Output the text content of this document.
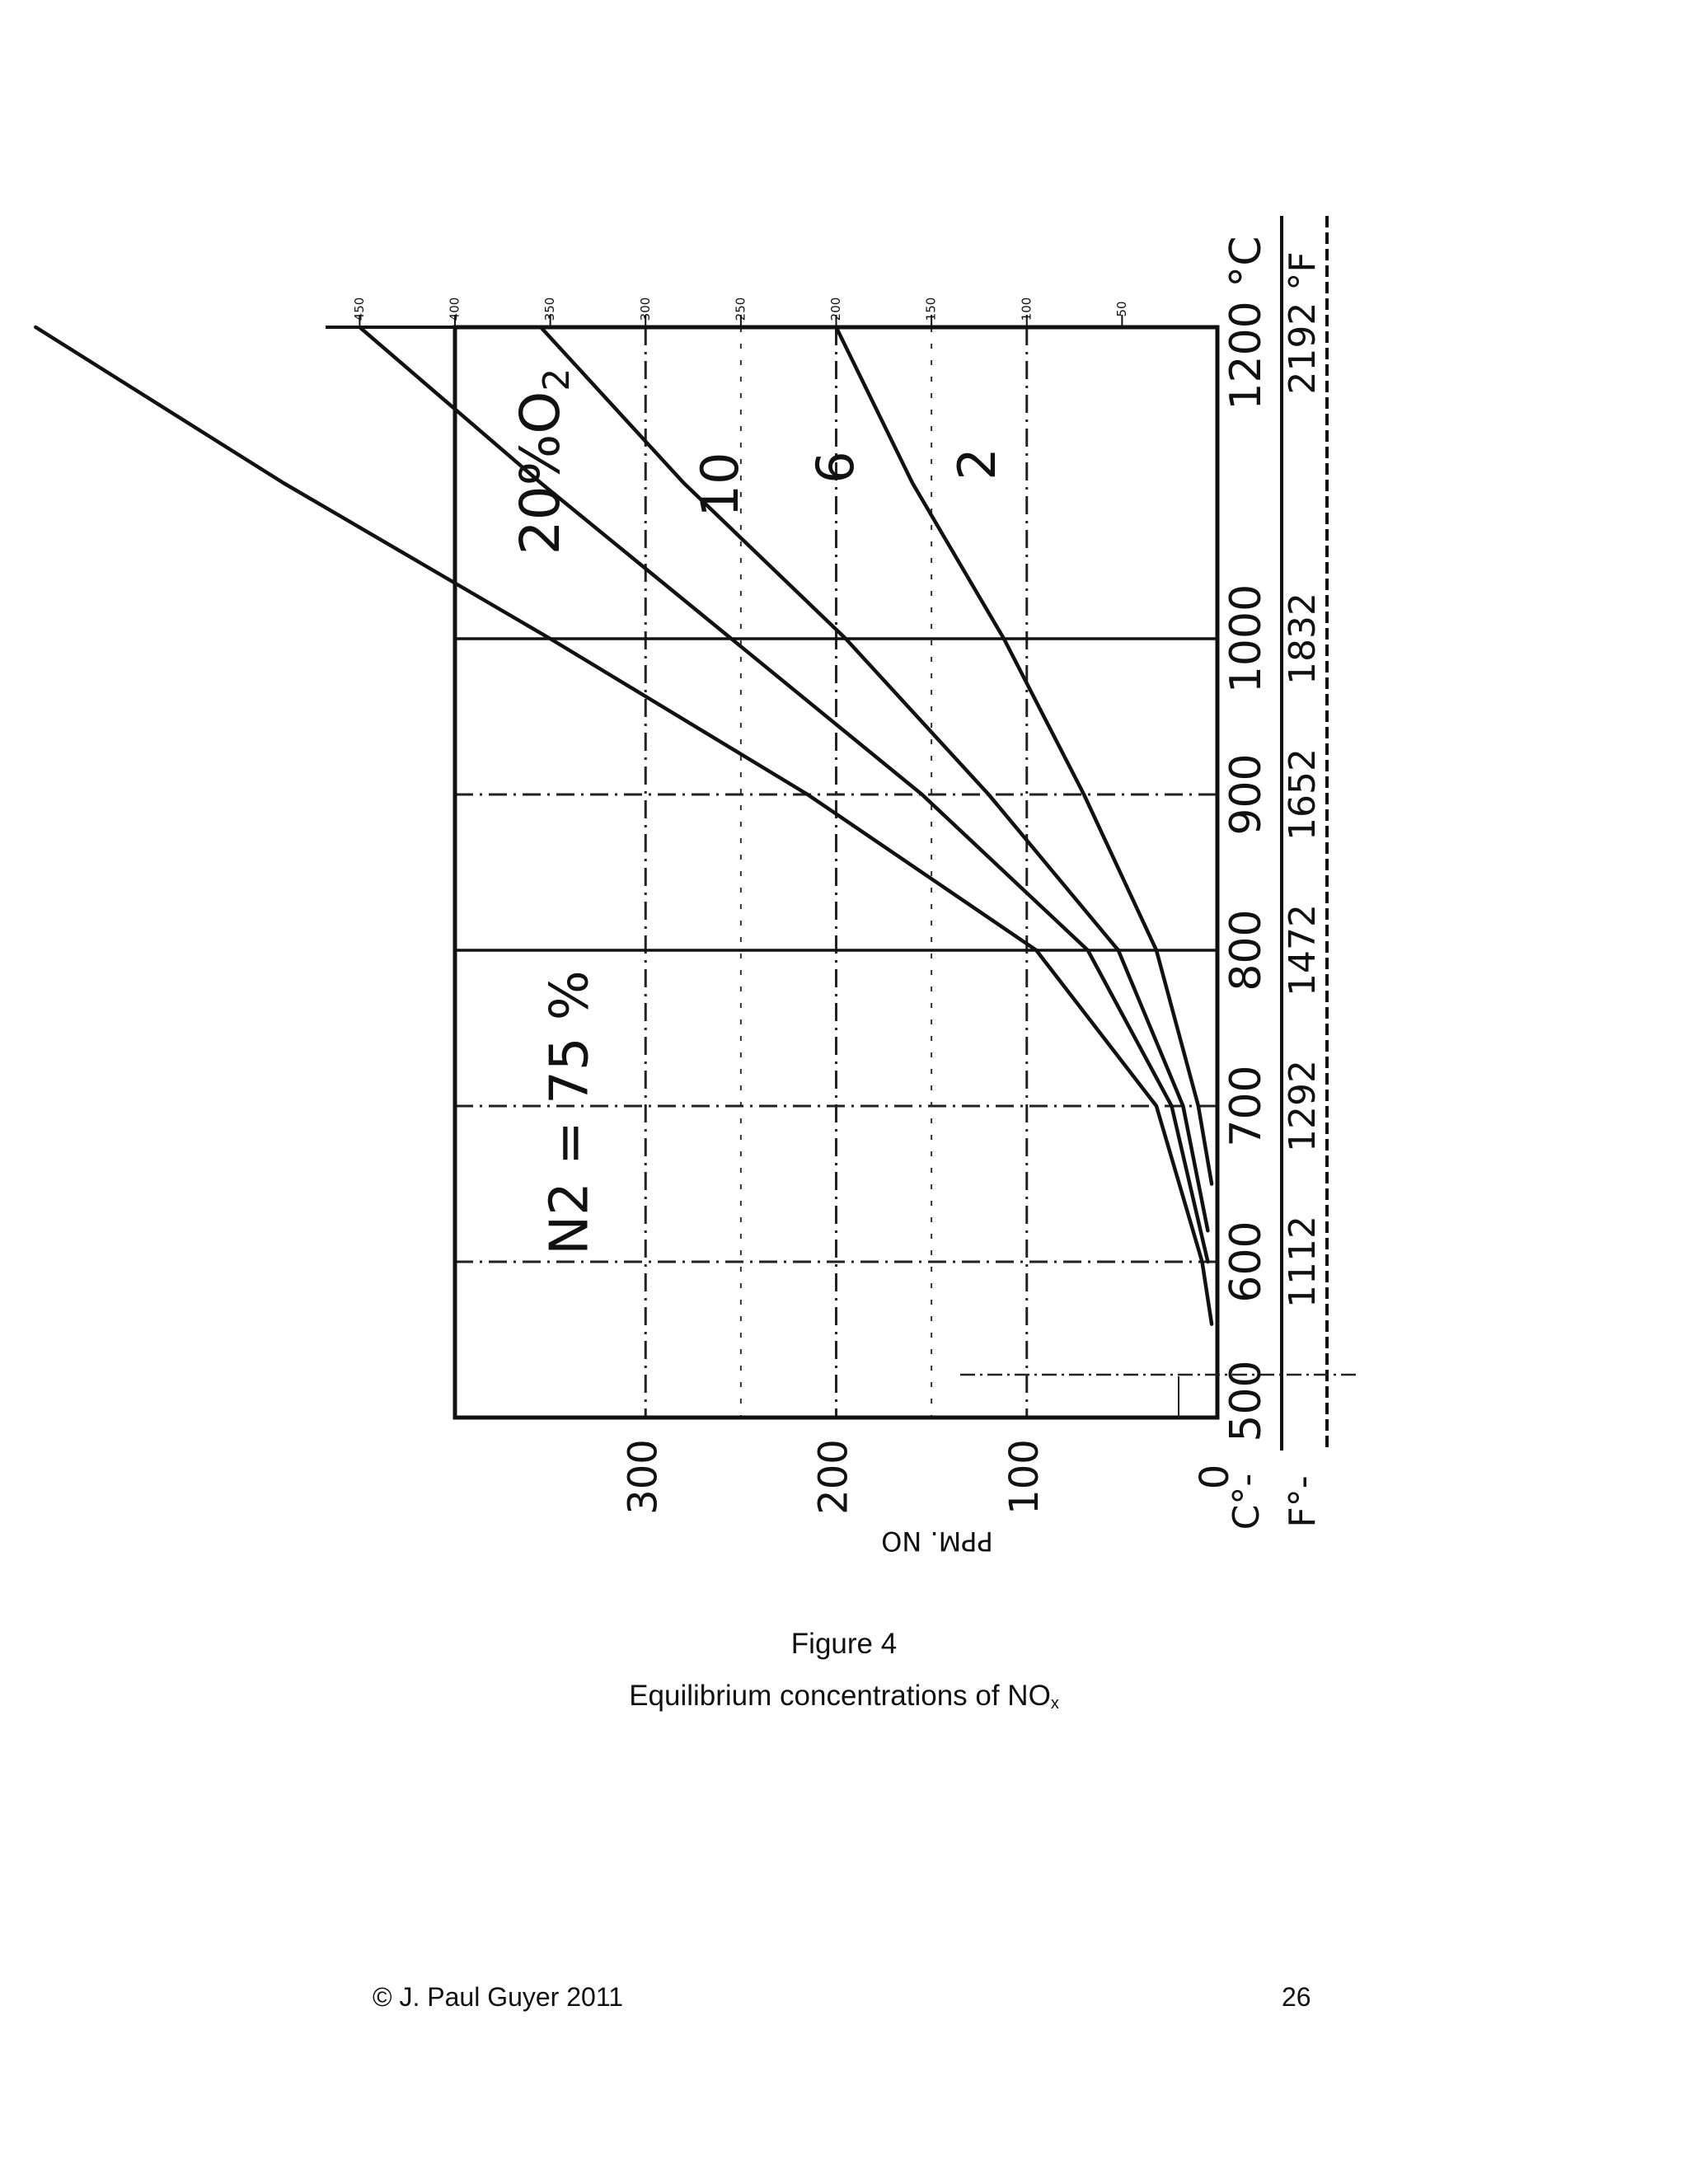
50
100
150
200
250
300
350
400
450
0
100
200
300
PPM. NO
500
600
700
800
900
1000
1200 °C
1112
1292
1472
1652
1832
2192 °F
C°- F°-
N2 = 75 %
$20\%O_2$
10 6 2
Figure 4
Equilibrium concentrations of $NO_x$
© J. Paul Guyer 2011	26
